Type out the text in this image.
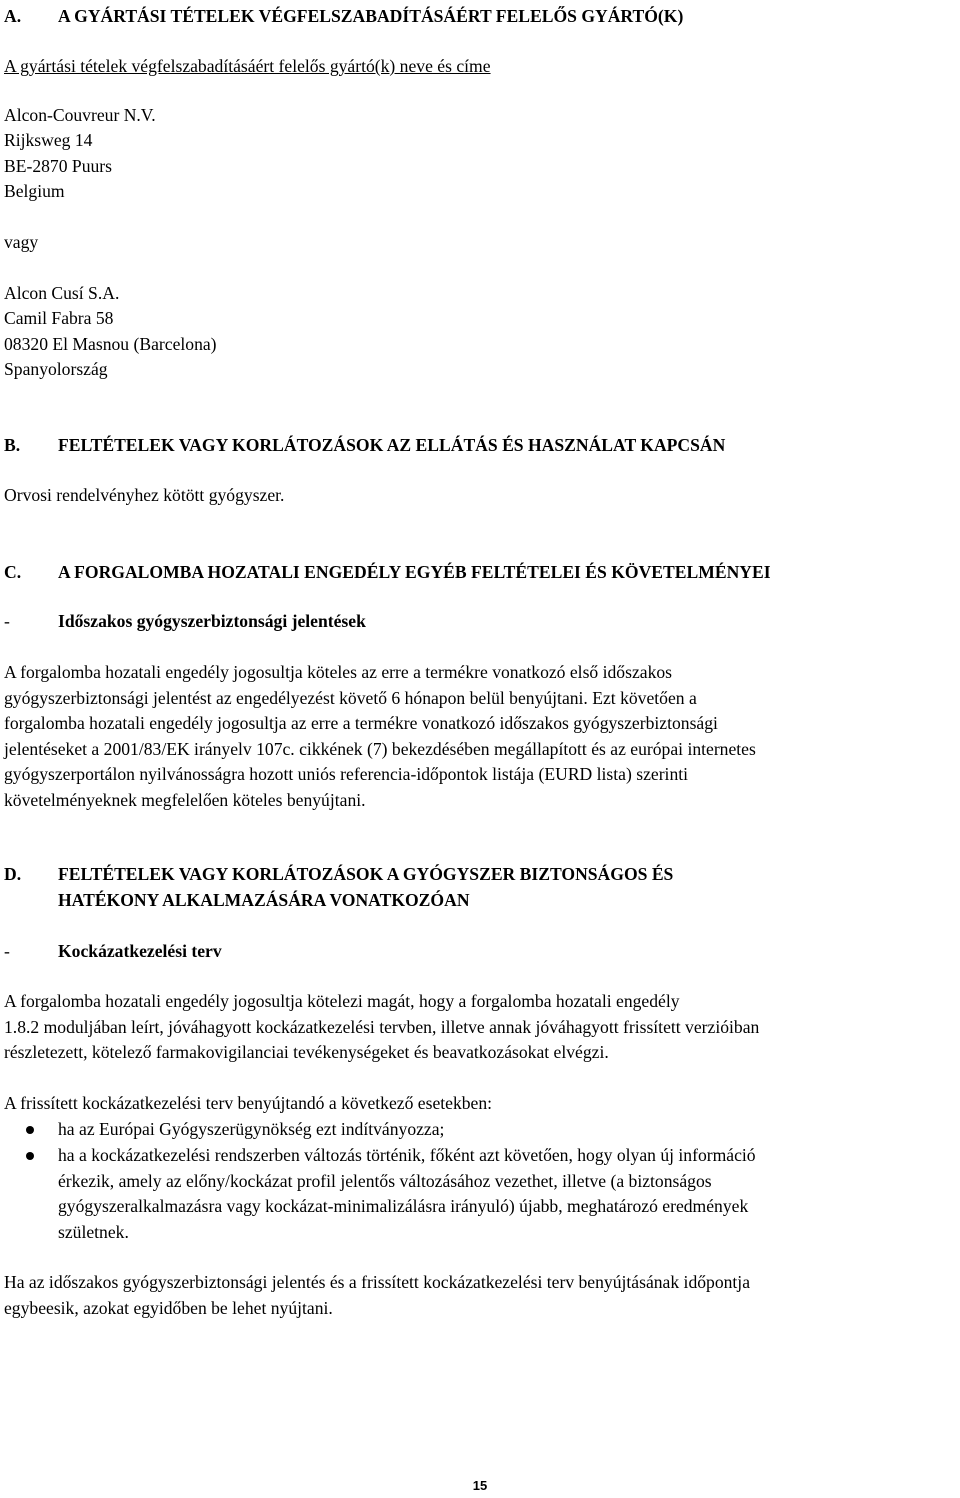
A. A GYÁRTÁSI TÉTELEK VÉGFELSZABADÍTÁSÁÉRT FELELŐS GYÁRTÓ(K)
A gyártási tételek végfelszabadításáért felelős gyártó(k) neve és címe
Alcon-Couvreur N.V.
Rijksweg 14
BE-2870 Puurs
Belgium
vagy
Alcon Cusí S.A.
Camil Fabra 58
08320 El Masnou (Barcelona)
Spanyolország
B. FELTÉTELEK VAGY KORLÁTOZÁSOK AZ ELLÁTÁS ÉS HASZNÁLAT KAPCSÁN
Orvosi rendelvényhez kötött gyógyszer.
C. A FORGALOMBA HOZATALI ENGEDÉLY EGYÉB FELTÉTELEI ÉS KÖVETELMÉNYEI
-	Időszakos gyógyszerbiztonsági jelentések
A forgalomba hozatali engedély jogosultja köteles az erre a termékre vonatkozó első időszakos
gyógyszerbiztonsági jelentést az engedélyezést követő 6 hónapon belül benyújtani. Ezt követően a
forgalomba hozatali engedély jogosultja az erre a termékre vonatkozó időszakos gyógyszerbiztonsági
jelentéseket a 2001/83/EK irányelv 107c. cikkének (7) bekezdésében megállapított és az európai internetes
gyógyszerportálon nyilvánosságra hozott uniós referencia-időpontok listája (EURD lista) szerinti
követelményeknek megfelelően köteles benyújtani.
D. FELTÉTELEK VAGY KORLÁTOZÁSOK A GYÓGYSZER BIZTONSÁGOS ÉS
HATÉKONY ALKALMAZÁSÁRA VONATKOZÓAN
-	Kockázatkezelési terv
A forgalomba hozatali engedély jogosultja kötelezi magát, hogy a forgalomba hozatali engedély
1.8.2 moduljában leírt, jóváhagyott kockázatkezelési tervben, illetve annak jóváhagyott frissített verzióiban
részletezett, kötelező farmakovigilanciai tevékenységeket és beavatkozásokat elvégzi.
A frissített kockázatkezelési terv benyújtandó a következő esetekben:
ha az Európai Gyógyszerügynökség ezt indítványozza;
ha a kockázatkezelési rendszerben változás történik, főként azt követően, hogy olyan új információ
érkezik, amely az előny/kockázat profil jelentős változásához vezethet, illetve (a biztonságos
gyógyszeralkalmazásra vagy kockázat-minimalizálásra irányuló) újabb, meghatározó eredmények
születnek.
Ha az időszakos gyógyszerbiztonsági jelentés és a frissített kockázatkezelési terv benyújtásának időpontja
egybeesik, azokat egyidőben be lehet nyújtani.
15
